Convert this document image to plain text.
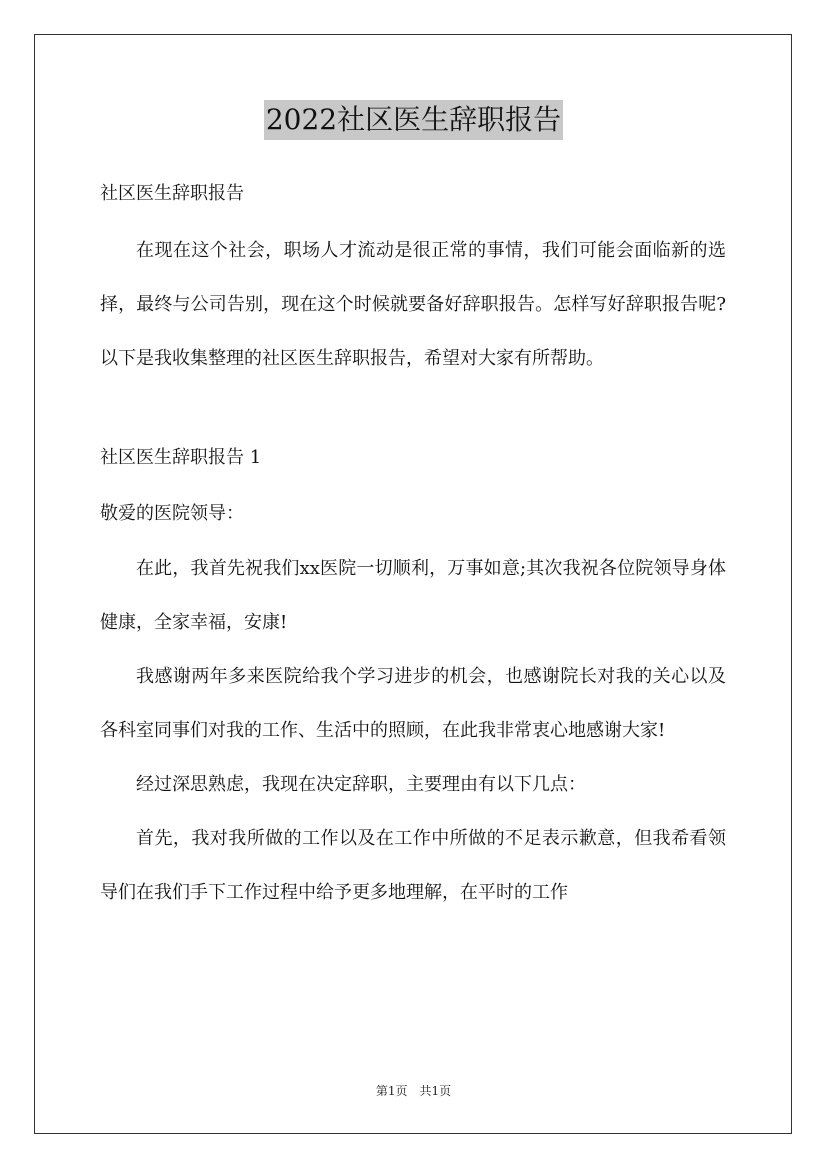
2022社区医生辞职报告
社区医生辞职报告

在现在这个社会，职场人才流动是很正常的事情，我们可能会面临新的选择，最终与公司告别，现在这个时候就要备好辞职报告。怎样写好辞职报告呢?以下是我收集整理的社区医生辞职报告，希望对大家有所帮助。

社区医生辞职报告 1
敬爱的医院领导：

在此，我首先祝我们xx医院一切顺利，万事如意;其次我祝各位院领导身体健康，全家幸福，安康!

我感谢两年多来医院给我个学习进步的机会，也感谢院长对我的关心以及各科室同事们对我的工作、生活中的照顾，在此我非常衷心地感谢大家!

经过深思熟虑，我现在决定辞职，主要理由有以下几点：

首先，我对我所做的工作以及在工作中所做的不足表示歉意，但我希看领导们在我们手下工作过程中给予更多地理解，在平时的工作

第1页　共1页
